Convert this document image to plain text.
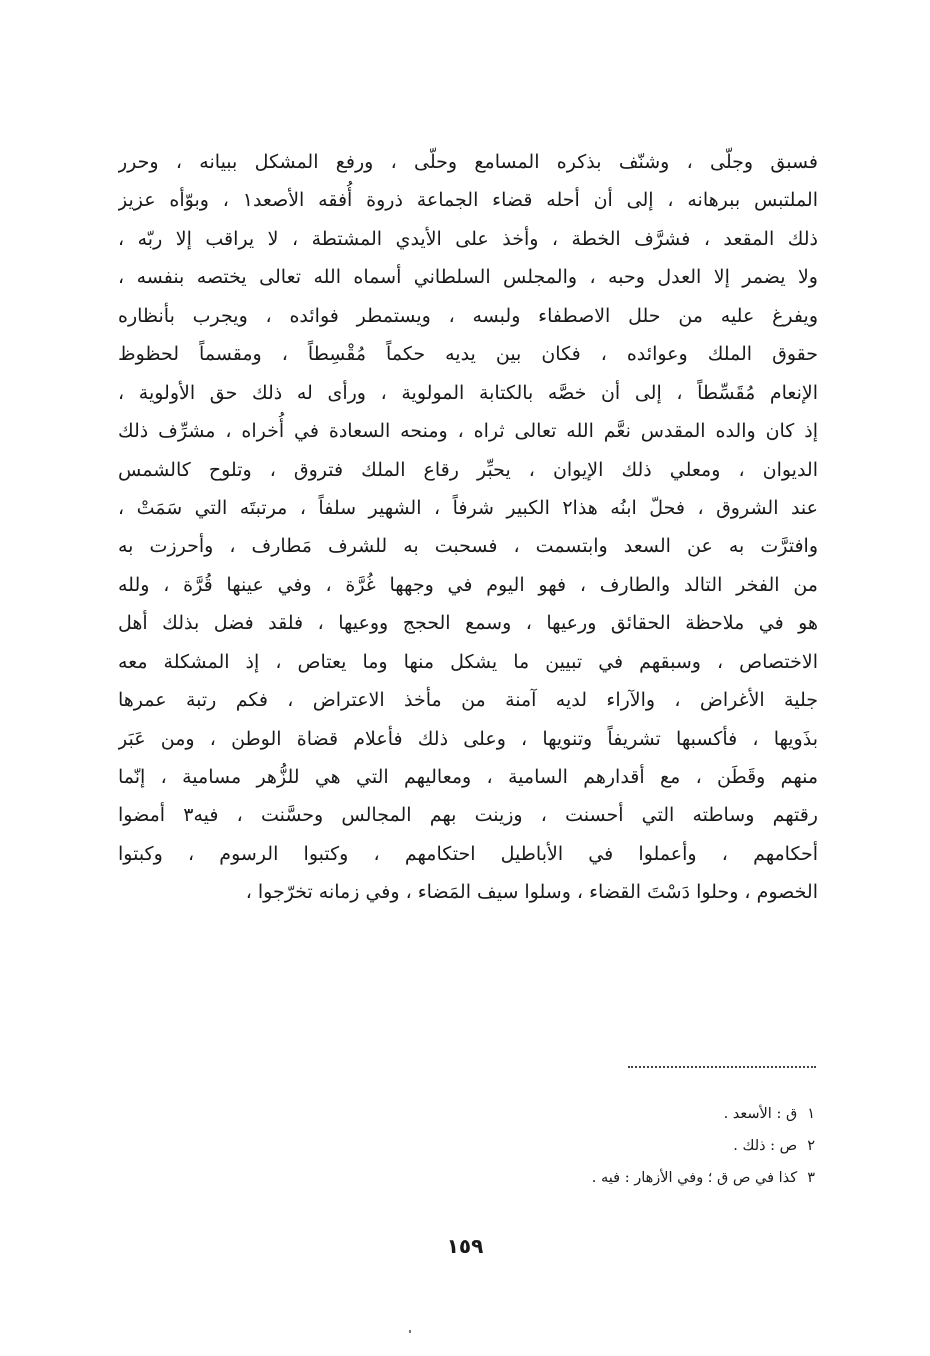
فسبق وجلّى ، وشنّف بذكره المسامع وحلّى ، ورفع المشكل ببيانه ، وحرر
الملتبس ببرهانه ، إلى أن أحله قضاء الجماعة ذروة أُفقه الأصعد١ ، وبوّأه عزيز
ذلك المقعد ، فشرَّف الخطة ، وأخذ على الأيدي المشتطة ، لا يراقب إلا ربّه ،
ولا يضمر إلا العدل وحبه ، والمجلس السلطاني أسماه الله تعالى يختصه بنفسه ،
ويفرغ عليه من حلل الاصطفاء ولبسه ، ويستمطر فوائده ، ويجرب بأنظاره
حقوق الملك وعوائده ، فكان بين يديه حكماً مُقْسِطاً ، ومقسماً لحظوظ
الإنعام مُقَسِّطاً ، إلى أن خصَّه بالكتابة المولوية ، ورأى له ذلك حق الأولوية ،
إذ كان والده المقدس نعَّم الله تعالى ثراه ، ومنحه السعادة في أُخراه ، مشرِّف ذلك
الديوان ، ومعلي ذلك الإيوان ، يحبِّر رقاع الملك فتروق ، وتلوح كالشمس
عند الشروق ، فحلّ ابنُه هذا٢ الكبير شرفاً ، الشهير سلفاً ، مرتبتَه التي سَمَتْ ،
وافترَّت به عن السعد وابتسمت ، فسحبت به للشرف مَطارف ، وأحرزت به
من الفخر التالد والطارف ، فهو اليوم في وجهها غُرَّة ، وفي عينها قُرَّة ، ولله
هو في ملاحظة الحقائق ورعيها ، وسمع الحجج ووعيها ، فلقد فضل بذلك أهل
الاختصاص ، وسبقهم في تبيين ما يشكل منها وما يعتاص ، إذ المشكلة معه
جلية الأغراض ، والآراء لديه آمنة من مأخذ الاعتراض ، فكم رتبة عمرها
بذَويها ، فأكسبها تشريفاً وتنويها ، وعلى ذلك فأعلام قضاة الوطن ، ومن عَبَر
منهم وقَطَن ، مع أقدارهم السامية ، ومعاليهم التي هي للزُّهر مسامية ، إنّما
رقتهم وساطته التي أحسنت ، وزينت بهم المجالس وحسَّنت ، فيه٣ أمضوا
أحكامهم ، وأعملوا في الأباطيل احتكامهم ، وكتبوا الرسوم ، وكبتوا
الخصوم ، وحلوا دَسْتَ القضاء ، وسلوا سيف المَضاء ، وفي زمانه تخرّجوا ،
١ق : الأسعد .
٢ص : ذلك .
٣كذا في ص ق ؛ وفي الأزهار : فيه .
١٥٩
